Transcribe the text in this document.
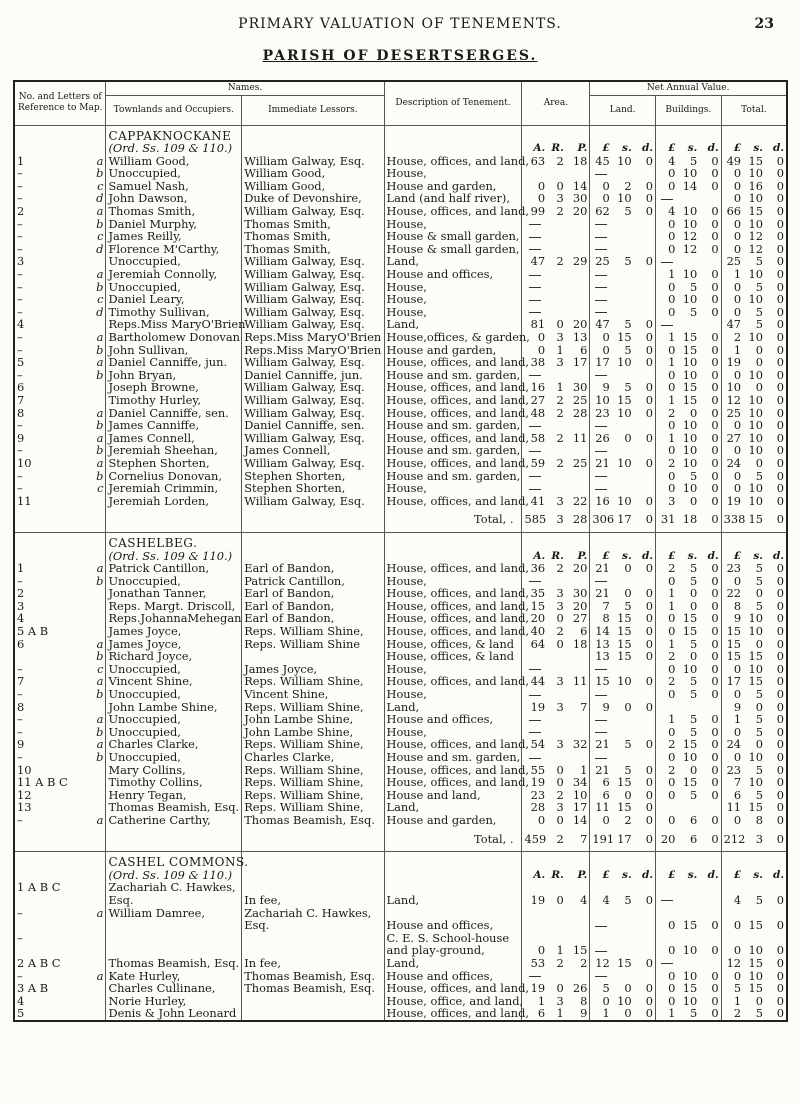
PRIMARY VALUATION OF TENEMENTS.	23
PARISH OF DESERTSERGES.
No. and Letters of Reference to Map.		Names.		Description of Tenement.	Area.			Net Annual Value.								
		Townlands and Occupiers.	Immediate Lessors.					Land.			Buildings.			Total.		
		CAPPAKNOCKANE														
		(Ord. Ss. 109 & 110.)			A.	R.	P.	£	s.	d.	£	s.	d.	£	s.	d.
1	a	William Good,	William Galway, Esq.	House, offices, and land,	63	2	18	45	10	0	4	5	0	49	15	0
–	b	Unoccupied,	William Good,	House,							0	10	0	0	10	0
–	c	Samuel Nash,	William Good,	House and garden,	0	0	14	0	2	0	0	14	0	0	16	0
–	d	John Dawson,	Duke of Devonshire,	Land (and half river),	0	3	30	0	10	0				0	10	0
2	a	Thomas Smith,	William Galway, Esq.	House, offices, and land,	99	2	20	62	5	0	4	10	0	66	15	0
–	b	Daniel Murphy,	Thomas Smith,	House,							0	10	0	0	10	0
–	c	James Reilly,	Thomas Smith,	House & small garden,							0	12	0	0	12	0
–	d	Florence M'Carthy,	Thomas Smith,	House & small garden,							0	12	0	0	12	0
3		Unoccupied,	William Galway, Esq.	Land,	47	2	29	25	5	0				25	5	0
–	a	Jeremiah Connolly,	William Galway, Esq.	House and offices,							1	10	0	1	10	0
–	b	Unoccupied,	William Galway, Esq.	House,							0	5	0	0	5	0
–	c	Daniel Leary,	William Galway, Esq.	House,							0	10	0	0	10	0
–	d	Timothy Sullivan,	William Galway, Esq.	House,							0	5	0	0	5	0
4		Reps.Miss MaryO'Brien	William Galway, Esq.	Land,	81	0	20	47	5	0				47	5	0
–	a	Bartholomew Donovan	Reps.Miss MaryO'Brien	House,offices, & garden,	0	3	13	0	15	0	1	15	0	2	10	0
–	b	John Sullivan,	Reps.Miss MaryO'Brien	House and garden,	0	1	6	0	5	0	0	15	0	1	0	0
5	a	Daniel Canniffe, jun.	William Galway, Esq.	House, offices, and land,	38	3	17	17	10	0	1	10	0	19	0	0
–	b	John Bryan,	Daniel Canniffe, jun.	House and sm. garden,							0	10	0	0	10	0
6		Joseph Browne,	William Galway, Esq.	House, offices, and land,	16	1	30	9	5	0	0	15	0	10	0	0
7		Timothy Hurley,	William Galway, Esq.	House, offices, and land,	27	2	25	10	15	0	1	15	0	12	10	0
8	a	Daniel Canniffe, sen.	William Galway, Esq.	House, offices, and land,	48	2	28	23	10	0	2	0	0	25	10	0
–	b	James Canniffe,	Daniel Canniffe, sen.	House and sm. garden,							0	10	0	0	10	0
9	a	James Connell,	William Galway, Esq.	House, offices, and land,	58	2	11	26	0	0	1	10	0	27	10	0
–	b	Jeremiah Sheehan,	James Connell,	House and sm. garden,							0	10	0	0	10	0
10	a	Stephen Shorten,	William Galway, Esq.	House, offices, and land,	59	2	25	21	10	0	2	10	0	24	0	0
–	b	Cornelius Donovan,	Stephen Shorten,	House and sm. garden,							0	5	0	0	5	0
–	c	Jeremiah Crimmin,	Stephen Shorten,	House,							0	10	0	0	10	0
11		Jeremiah Lorden,	William Galway, Esq.	House, offices, and land,	41	3	22	16	10	0	3	0	0	19	10	0
				Total, .	585	3	28	306	17	0	31	18	0	338	15	0
		CASHELBEG.														
		(Ord. Ss. 109 & 110.)			A.	R.	P.	£	s.	d.	£	s.	d.	£	s.	d.
1	a	Patrick Cantillon,	Earl of Bandon,	House, offices, and land,	36	2	20	21	0	0	2	5	0	23	5	0
–	b	Unoccupied,	Patrick Cantillon,	House,							0	5	0	0	5	0
2		Jonathan Tanner,	Earl of Bandon,	House, offices, and land,	35	3	30	21	0	0	1	0	0	22	0	0
3		Reps. Margt. Driscoll,	Earl of Bandon,	House, offices, and land,	15	3	20	7	5	0	1	0	0	8	5	0
4		Reps.JohannaMehegan	Earl of Bandon,	House, offices, and land,	20	0	27	8	15	0	0	15	0	9	10	0
5 A B		James Joyce,	Reps. William Shine,	House, offices, and land,	40	2	6	14	15	0	0	15	0	15	10	0
6	a	James Joyce,	Reps. William Shine	House, offices, & land	64	0	18	13	15	0	1	5	0	15	0	0
	b	Richard Joyce,		House, offices, & land				13	15	0	2	0	0	15	15	0
–	c	Unoccupied,	James Joyce,	House,							0	10	0	0	10	0
7	a	Vincent Shine,	Reps. William Shine,	House, offices, and land,	44	3	11	15	10	0	2	5	0	17	15	0
–	b	Unoccupied,	Vincent Shine,	House,							0	5	0	0	5	0
8		John Lambe Shine,	Reps. William Shine,	Land,	19	3	7	9	0	0				9	0	0
–	a	Unoccupied,	John Lambe Shine,	House and offices,							1	5	0	1	5	0
–	b	Unoccupied,	John Lambe Shine,	House,							0	5	0	0	5	0
9	a	Charles Clarke,	Reps. William Shine,	House, offices, and land,	54	3	32	21	5	0	2	15	0	24	0	0
–	b	Unoccupied,	Charles Clarke,	House and sm. garden,							0	10	0	0	10	0
10		Mary Collins,	Reps. William Shine,	House, offices, and land,	55	0	1	21	5	0	2	0	0	23	5	0
11 A B C		Timothy Collins,	Reps. William Shine,	House, offices, and land,	19	0	34	6	15	0	0	15	0	7	10	0
12		Henry Tegan,	Reps. William Shine,	House and land,	23	2	10	6	0	0	0	5	0	6	5	0
13		Thomas Beamish, Esq.	Reps. William Shine,	Land,	28	3	17	11	15	0				11	15	0
–	a	Catherine Carthy,	Thomas Beamish, Esq.	House and garden,	0	0	14	0	2	0	0	6	0	0	8	0
				Total, .	459	2	7	191	17	0	20	6	0	212	3	0
		CASHEL COMMONS.														
		(Ord. Ss. 109 & 110.)			A.	R.	P.	£	s.	d.	£	s.	d.	£	s.	d.
1 A B C		Zachariah C. Hawkes,														
		Esq.	In fee,	Land,	19	0	4	4	5	0				4	5	0
–	a	William Damree,	Zachariah C. Hawkes,													
			Esq.	House and offices,							0	15	0	0	15	0
–				C. E. S. School-house												
				and play-ground,	0	1	15				0	10	0	0	10	0
2 A B C		Thomas Beamish, Esq.	In fee,	Land,	53	2	2	12	15	0				12	15	0
–	a	Kate Hurley,	Thomas Beamish, Esq.	House and offices,							0	10	0	0	10	0
3 A B		Charles Cullinane,	Thomas Beamish, Esq.	House, offices, and land,	19	0	26	5	0	0	0	15	0	5	15	0
4		Norie Hurley,		House, office, and land,	1	3	8	0	10	0	0	10	0	1	0	0
5		Denis & John Leonard		House, offices, and land,	6	1	9	1	0	0	1	5	0	2	5	0
